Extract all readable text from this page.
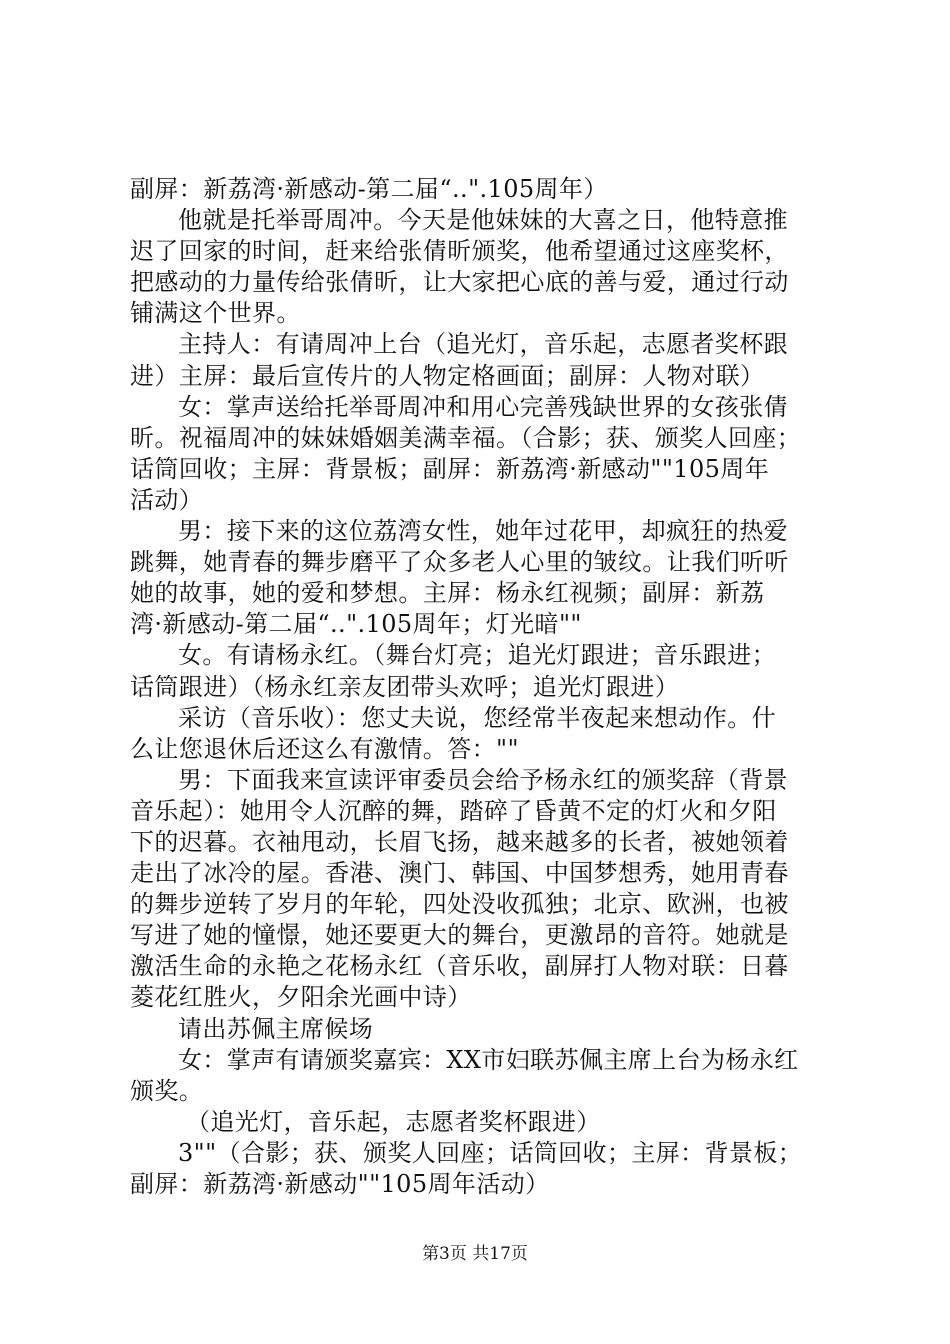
副屏：新荔湾·新感动-第二届“..".105周年）
他就是托举哥周冲。今天是他妹妹的大喜之日，他特意推
迟了回家的时间，赶来给张倩昕颁奖，他希望通过这座奖杯，
把感动的力量传给张倩昕，让大家把心底的善与爱，通过行动
铺满这个世界。
主持人：有请周冲上台（追光灯，音乐起，志愿者奖杯跟
进）主屏：最后宣传片的人物定格画面；副屏：人物对联）
女：掌声送给托举哥周冲和用心完善残缺世界的女孩张倩
昕。祝福周冲的妹妹婚姻美满幸福。（合影；获、颁奖人回座；
话筒回收；主屏：背景板；副屏：新荔湾·新感动""105周年
活动）
男：接下来的这位荔湾女性，她年过花甲，却疯狂的热爱
跳舞，她青春的舞步磨平了众多老人心里的皱纹。让我们听听
她的故事，她的爱和梦想。主屏：杨永红视频；副屏：新荔
湾·新感动-第二届“..".105周年；灯光暗""
女。有请杨永红。（舞台灯亮；追光灯跟进；音乐跟进；
话筒跟进）（杨永红亲友团带头欢呼；追光灯跟进）
采访（音乐收）：您丈夫说，您经常半夜起来想动作。什
么让您退休后还这么有激情。答：""
男：下面我来宣读评审委员会给予杨永红的颁奖辞（背景
音乐起）：她用令人沉醉的舞，踏碎了昏黄不定的灯火和夕阳
下的迟暮。衣袖甩动，长眉飞扬，越来越多的长者，被她领着
走出了冰冷的屋。香港、澳门、韩国、中国梦想秀，她用青春
的舞步逆转了岁月的年轮，四处没收孤独；北京、欧洲，也被
写进了她的憧憬，她还要更大的舞台，更激昂的音符。她就是
激活生命的永艳之花杨永红（音乐收，副屏打人物对联：日暮
菱花红胜火，夕阳余光画中诗）
请出苏佩主席候场
女：掌声有请颁奖嘉宾：XX市妇联苏佩主席上台为杨永红
颁奖。
（追光灯，音乐起，志愿者奖杯跟进）
3""（合影；获、颁奖人回座；话筒回收；主屏：背景板；
副屏：新荔湾·新感动""105周年活动）
第3页 共17页
